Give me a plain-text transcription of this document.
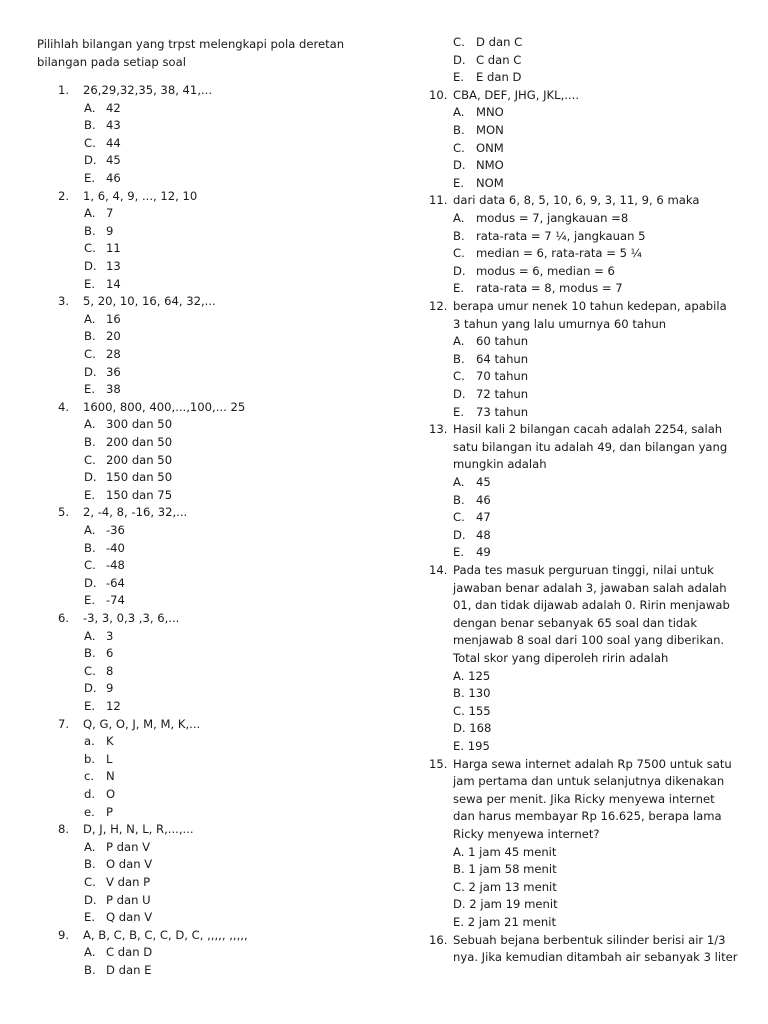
Pilihlah bilangan yang trpst melengkapi pola deretan
bilangan pada setiap soal
1. 26,29,32,35, 38, 41,...
A. 42
B. 43
C. 44
D. 45
E. 46
2. 1, 6, 4, 9, ..., 12, 10
A. 7
B. 9
C. 11
D. 13
E. 14
3. 5, 20, 10, 16, 64, 32,...
A. 16
B. 20
C. 28
D. 36
E. 38
4. 1600, 800, 400,...,100,... 25
A. 300 dan 50
B. 200 dan 50
C. 200 dan 50
D. 150 dan 50
E. 150 dan 75
5. 2, -4, 8, -16, 32,...
A. -36
B. -40
C. -48
D. -64
E. -74
6. -3, 3, 0,3 ,3, 6,...
A. 3
B. 6
C. 8
D. 9
E. 12
7. Q, G, O, J, M, M, K,...
a. K
b. L
c. N
d. O
e. P
8. D, J, H, N, L, R,...,...
A. P dan V
B. O dan V
C. V dan P
D. P dan U
E. Q dan V
9. A, B, C, B, C, C, D, C, ,,,,, ,,,,,
A. C dan D
B. D dan E
C. D dan C
D. C dan C
E. E dan D
10. CBA, DEF, JHG, JKL,....
A. MNO
B. MON
C. ONM
D. NMO
E. NOM
11. dari data 6, 8, 5, 10, 6, 9, 3, 11, 9, 6 maka
A. modus = 7, jangkauan =8
B. rata-rata = 7 ¼, jangkauan 5
C. median = 6, rata-rata = 5 ¼
D. modus = 6, median = 6
E. rata-rata = 8, modus = 7
12. berapa umur nenek 10 tahun kedepan, apabila
3 tahun yang lalu umurnya 60 tahun
A. 60 tahun
B. 64 tahun
C. 70 tahun
D. 72 tahun
E. 73 tahun
13. Hasil kali 2 bilangan cacah adalah 2254, salah
satu bilangan itu adalah 49, dan bilangan yang
mungkin adalah
A. 45
B. 46
C. 47
D. 48
E. 49
14. Pada tes masuk perguruan tinggi, nilai untuk
jawaban benar adalah 3, jawaban salah adalah
01, dan tidak dijawab adalah 0. Ririn menjawab
dengan benar sebanyak 65 soal dan tidak
menjawab 8 soal dari 100 soal yang diberikan.
Total skor yang diperoleh ririn adalah
A. 125
B. 130
C. 155
D. 168
E. 195
15. Harga sewa internet adalah Rp 7500 untuk satu
jam pertama dan untuk selanjutnya dikenakan
sewa per menit. Jika Ricky menyewa internet
dan harus membayar Rp 16.625, berapa lama
Ricky menyewa internet?
A. 1 jam 45 menit
B. 1 jam 58 menit
C. 2 jam 13 menit
D. 2 jam 19 menit
E. 2 jam 21 menit
16. Sebuah bejana berbentuk silinder berisi air 1/3
nya. Jika kemudian ditambah air sebanyak 3 liter
